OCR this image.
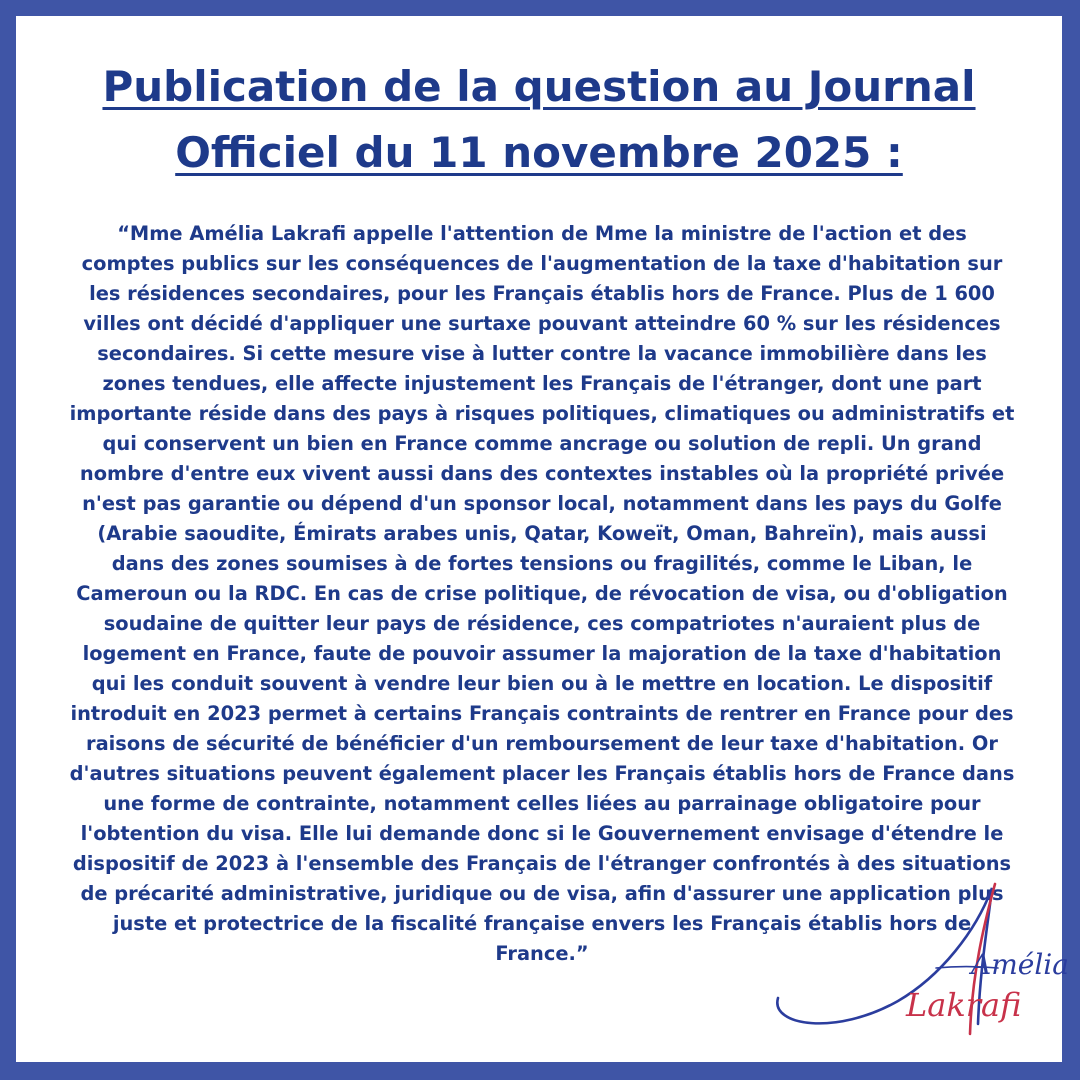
Publication de la question au Journal
Officiel du 11 novembre 2025 :

“Mme Amélia Lakrafi appelle l'attention de Mme la ministre de l'action et des comptes publics sur les conséquences de l'augmentation de la taxe d'habitation sur les résidences secondaires, pour les Français établis hors de France. Plus de 1 600 villes ont décidé d'appliquer une surtaxe pouvant atteindre 60 % sur les résidences secondaires. Si cette mesure vise à lutter contre la vacance immobilière dans les zones tendues, elle affecte injustement les Français de l'étranger, dont une part importante réside dans des pays à risques politiques, climatiques ou administratifs et qui conservent un bien en France comme ancrage ou solution de repli. Un grand nombre d'entre eux vivent aussi dans des contextes instables où la propriété privée n'est pas garantie ou dépend d'un sponsor local, notamment dans les pays du Golfe (Arabie saoudite, Émirats arabes unis, Qatar, Koweït, Oman, Bahreïn), mais aussi dans des zones soumises à de fortes tensions ou fragilités, comme le Liban, le Cameroun ou la RDC. En cas de crise politique, de révocation de visa, ou d'obligation soudaine de quitter leur pays de résidence, ces compatriotes n'auraient plus de logement en France, faute de pouvoir assumer la majoration de la taxe d'habitation qui les conduit souvent à vendre leur bien ou à le mettre en location. Le dispositif introduit en 2023 permet à certains Français contraints de rentrer en France pour des raisons de sécurité de bénéficier d'un remboursement de leur taxe d'habitation. Or d'autres situations peuvent également placer les Français établis hors de France dans une forme de contrainte, notamment celles liées au parrainage obligatoire pour l'obtention du visa. Elle lui demande donc si le Gouvernement envisage d'étendre le dispositif de 2023 à l'ensemble des Français de l'étranger confrontés à des situations de précarité administrative, juridique ou de visa, afin d'assurer une application plus juste et protectrice de la fiscalité française envers les Français établis hors de France.”	Amélia
Lakrafi
